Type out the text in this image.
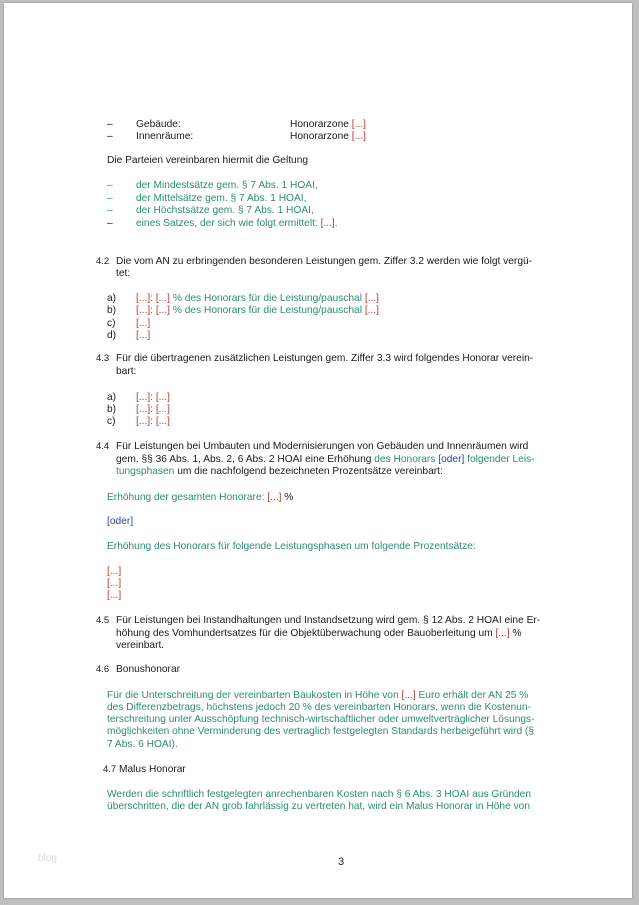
– Gebäude:	Honorarzone [...]
– Innenräume:	Honorarzone [...]
Die Parteien vereinbaren hiermit die Geltung
– der Mindestsätze gem. § 7 Abs. 1 HOAI,
– der Mittelsätze gem. § 7 Abs. 1 HOAI,
– der Höchstsätze gem. § 7 Abs. 1 HOAI,
– eines Satzes, der sich wie folgt ermittelt: [...].
4.2 Die vom AN zu erbringenden besonderen Leistungen gem. Ziffer 3.2 werden wie folgt vergü-
tet:
a) [...]: [...] % des Honorars für die Leistung/pauschal [...]
b) [...]: [...] % des Honorars für die Leistung/pauschal [...]
c) [...]
d) [...]
4.3 Für die übertragenen zusätzlichen Leistungen gem. Ziffer 3.3 wird folgendes Honorar verein-
bart:
a) [...]: [...]
b) [...]: [...]
c) [...]: [...]
4.4 Für Leistungen bei Umbauten und Modernisierungen von Gebäuden und Innenräumen wird
gem. §§ 36 Abs. 1, Abs. 2, 6 Abs. 2 HOAI eine Erhöhung des Honorars [oder] folgender Leis-
tungsphasen um die nachfolgend bezeichneten Prozentsätze vereinbart:
Erhöhung der gesamten Honorare: [...] %
[oder]
Erhöhung des Honorars für folgende Leistungsphasen um folgende Prozentsätze:
[...]
[...]
[...]
4.5 Für Leistungen bei Instandhaltungen und Instandsetzung wird gem. § 12 Abs. 2 HOAI eine Er-
höhung des Vomhundertsatzes für die Objektüberwachung oder Bauoberleitung um [...] %
vereinbart.
4.6 Bonushonorar
Für die Unterschreitung der vereinbarten Baukosten in Höhe von [...] Euro erhält der AN 25 %
des Differenzbetrags, höchstens jedoch 20 % des vereinbarten Honorars, wenn die Kostenun-
terschreitung unter Ausschöpfung technisch-wirtschaftlicher oder umweltverträglicher Lösungs-
möglichkeiten ohne Verminderung des vertraglich festgelegten Standards herbeigeführt wird (§
7 Abs. 6 HOAI).
4.7 Malus Honorar
Werden die schriftlich festgelegten anrechenbaren Kosten nach § 6 Abs. 3 HOAI aus Gründen
überschritten, die der AN grob fahrlässig zu vertreten hat, wird ein Malus Honorar in Höhe von
blog	3
